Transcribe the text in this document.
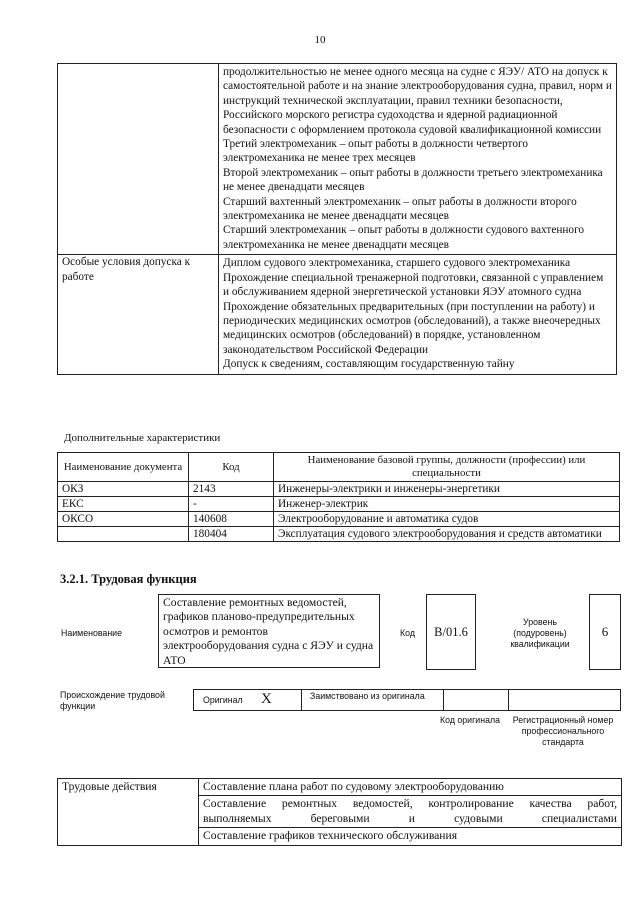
10

	продолжительностью не менее одного месяца на судне с ЯЭУ/ АТО на допуск к самостоятельной работе и на знание электрооборудования судна, правил, норм и инструкций технической эксплуатации, правил техники безопасности, Российского морского регистра судоходства и ядерной радиационной безопасности с оформлением протокола судовой квалификационной комиссии

Третий электромеханик – опыт работы в должности четвертого электромеханика не менее трех месяцев

Второй электромеханик – опыт работы в должности третьего электромеханика не менее двенадцати месяцев

Старший вахтенный электромеханик – опыт работы в должности второго электромеханика не менее двенадцати месяцев

Старший электромеханик – опыт работы в должности судового вахтенного электромеханика не менее двенадцати месяцев

Особые условия допуска к работе	Диплом судового электромеханика, старшего судового электромеханика

Прохождение специальной тренажерной подготовки, связанной с управлением и обслуживанием ядерной энергетической установки ЯЭУ атомного судна

Прохождение обязательных предварительных (при поступлении на работу) и периодических медицинских осмотров (обследований), а также внеочередных медицинских осмотров (обследований) в порядке, установленном законодательством Российской Федерации

Допуск к сведениям, составляющим государственную тайну

Дополнительные характеристики
Наименование документа	Код	Наименование базовой группы, должности (профессии) или специальности
ОКЗ	2143	Инженеры-электрики и инженеры-энергетики
ЕКС	-	Инженер-электрик
ОКСО	140608	Электрооборудование и автоматика судов
	180404	Эксплуатация судового электрооборудования и средств автоматики
3.2.1. Трудовая функция
Наименование
Составление ремонтных ведомостей, графиков планово-предупредительных осмотров и ремонтов электрооборудования судна с ЯЭУ и судна АТО
Код	B/01.6
Уровень (подуровень) квалификации
6
Происхождение трудовой функции
Оригинал X	Заимствовано из оригинала
Код оригинала	Регистрационный номер профессионального стандарта
Трудовые действия	Составление плана работ по судовому электрооборудованию
Составление ремонтных ведомостей, контролирование качества работ, выполняемых береговыми и судовыми специалистами
Составление графиков технического обслуживания
